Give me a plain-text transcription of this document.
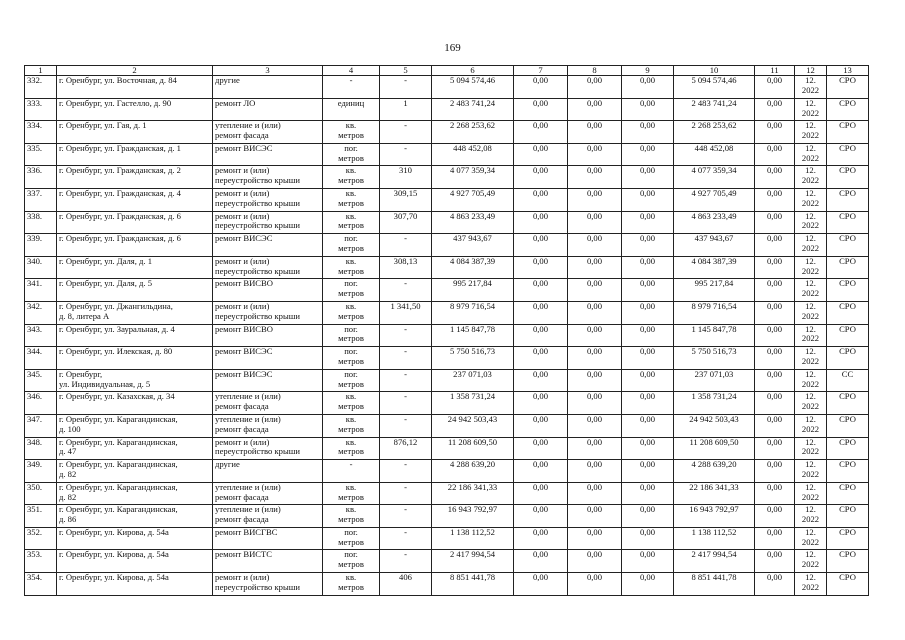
169
1	2	3	4	5	6	7	8	9	10	11	12	13
332.	г. Оренбург, ул. Восточная, д. 84	другие	-	-	5 094 574,46	0,00	0,00	0,00	5 094 574,46	0,00	12.
2022	СРО
333.	г. Оренбург, ул. Гастелло, д. 90	ремонт ЛО	единиц	1	2 483 741,24	0,00	0,00	0,00	2 483 741,24	0,00	12.
2022	СРО
334.	г. Оренбург, ул. Гая, д. 1	утепление и (или)
ремонт фасада	кв.
метров	-	2 268 253,62	0,00	0,00	0,00	2 268 253,62	0,00	12.
2022	СРО
335.	г. Оренбург, ул. Гражданская, д. 1	ремонт ВИСЭС	пог.
метров	-	448 452,08	0,00	0,00	0,00	448 452,08	0,00	12.
2022	СРО
336.	г. Оренбург, ул. Гражданская, д. 2	ремонт и (или)
переустройство крыши	кв.
метров	310	4 077 359,34	0,00	0,00	0,00	4 077 359,34	0,00	12.
2022	СРО
337.	г. Оренбург, ул. Гражданская, д. 4	ремонт и (или)
переустройство крыши	кв.
метров	309,15	4 927 705,49	0,00	0,00	0,00	4 927 705,49	0,00	12.
2022	СРО
338.	г. Оренбург, ул. Гражданская, д. 6	ремонт и (или)
переустройство крыши	кв.
метров	307,70	4 863 233,49	0,00	0,00	0,00	4 863 233,49	0,00	12.
2022	СРО
339.	г. Оренбург, ул. Гражданская, д. 6	ремонт ВИСЭС	пог.
метров	-	437 943,67	0,00	0,00	0,00	437 943,67	0,00	12.
2022	СРО
340.	г. Оренбург, ул. Даля, д. 1	ремонт и (или)
переустройство крыши	кв.
метров	308,13	4 084 387,39	0,00	0,00	0,00	4 084 387,39	0,00	12.
2022	СРО
341.	г. Оренбург, ул. Даля, д. 5	ремонт ВИСВО	пог.
метров	-	995 217,84	0,00	0,00	0,00	995 217,84	0,00	12.
2022	СРО
342.	г. Оренбург, ул. Джангильдина,
д. 8, литера А	ремонт и (или)
переустройство крыши	кв.
метров	1 341,50	8 979 716,54	0,00	0,00	0,00	8 979 716,54	0,00	12.
2022	СРО
343.	г. Оренбург, ул. Зауральная, д. 4	ремонт ВИСВО	пог.
метров	-	1 145 847,78	0,00	0,00	0,00	1 145 847,78	0,00	12.
2022	СРО
344.	г. Оренбург, ул. Илекская, д. 80	ремонт ВИСЭС	пог.
метров	-	5 750 516,73	0,00	0,00	0,00	5 750 516,73	0,00	12.
2022	СРО
345.	г. Оренбург,
ул. Индивидуальная, д. 5	ремонт ВИСЭС	пог.
метров	-	237 071,03	0,00	0,00	0,00	237 071,03	0,00	12.
2022	СС
346.	г. Оренбург, ул. Казахская, д. 34	утепление и (или)
ремонт фасада	кв.
метров	-	1 358 731,24	0,00	0,00	0,00	1 358 731,24	0,00	12.
2022	СРО
347.	г. Оренбург, ул. Карагандинская,
д. 100	утепление и (или)
ремонт фасада	кв.
метров	-	24 942 503,43	0,00	0,00	0,00	24 942 503,43	0,00	12.
2022	СРО
348.	г. Оренбург, ул. Карагандинская,
д. 47	ремонт и (или)
переустройство крыши	кв.
метров	876,12	11 208 609,50	0,00	0,00	0,00	11 208 609,50	0,00	12.
2022	СРО
349.	г. Оренбург, ул. Карагандинская,
д. 82	другие	-	-	4 288 639,20	0,00	0,00	0,00	4 288 639,20	0,00	12.
2022	СРО
350.	г. Оренбург, ул. Карагандинская,
д. 82	утепление и (или)
ремонт фасада	кв.
метров	-	22 186 341,33	0,00	0,00	0,00	22 186 341,33	0,00	12.
2022	СРО
351.	г. Оренбург, ул. Карагандинская,
д. 86	утепление и (или)
ремонт фасада	кв.
метров	-	16 943 792,97	0,00	0,00	0,00	16 943 792,97	0,00	12.
2022	СРО
352.	г. Оренбург, ул. Кирова, д. 54а	ремонт ВИСГВС	пог.
метров	-	1 138 112,52	0,00	0,00	0,00	1 138 112,52	0,00	12.
2022	СРО
353.	г. Оренбург, ул. Кирова, д. 54а	ремонт ВИСТС	пог.
метров	-	2 417 994,54	0,00	0,00	0,00	2 417 994,54	0,00	12.
2022	СРО
354.	г. Оренбург, ул. Кирова, д. 54а	ремонт и (или)
переустройство крыши	кв.
метров	406	8 851 441,78	0,00	0,00	0,00	8 851 441,78	0,00	12.
2022	СРО
